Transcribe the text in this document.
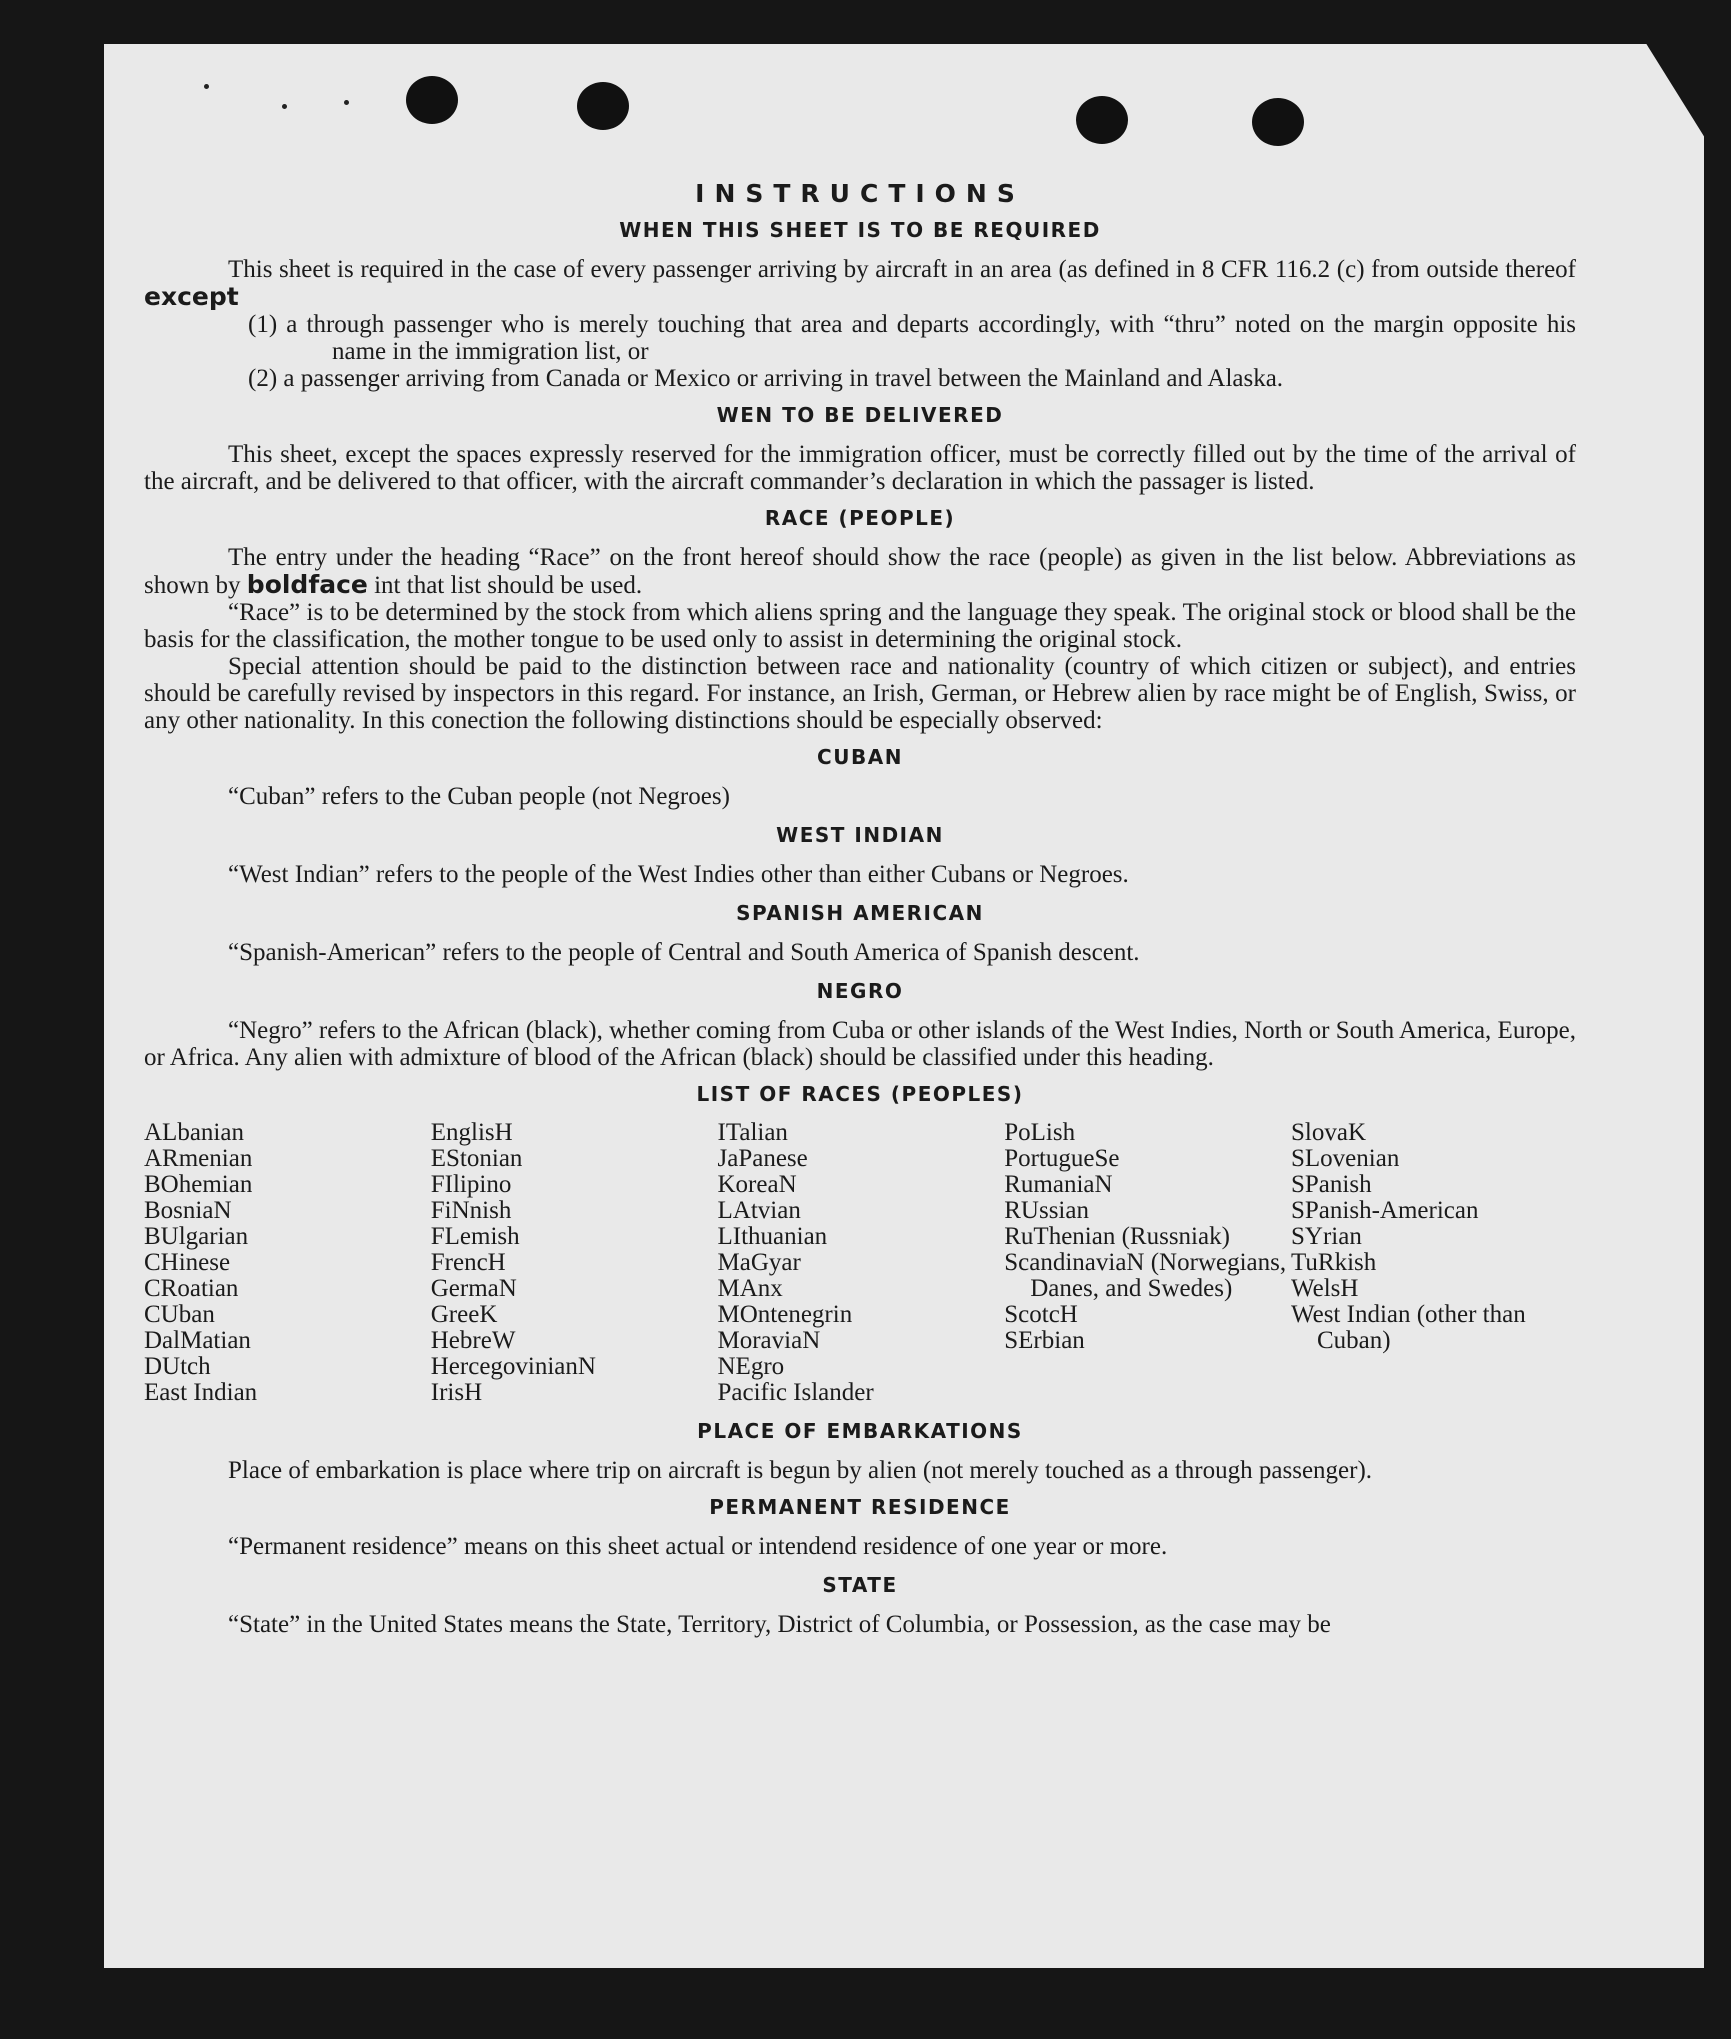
INSTRUCTIONS
WHEN THIS SHEET IS TO BE REQUIRED

This sheet is required in the case of every passenger arriving by aircraft in an area (as defined in 8 CFR 116.2 (c) from outside thereof except

(1) a through passenger who is merely touching that area and departs accordingly, with “thru” noted on the margin opposite his name in the immigration list, or

(2) a passenger arriving from Canada or Mexico or arriving in travel between the Mainland and Alaska.

WEN TO BE DELIVERED

This sheet, except the spaces expressly reserved for the immigration officer, must be correctly filled out by the time of the arrival of the aircraft, and be delivered to that officer, with the aircraft commander’s declaration in which the passager is listed.

RACE (PEOPLE)

The entry under the heading “Race” on the front hereof should show the race (people) as given in the list below. Abbreviations as shown by boldface int that list should be used.

“Race” is to be determined by the stock from which aliens spring and the language they speak. The original stock or blood shall be the basis for the classification, the mother tongue to be used only to assist in determining the original stock.

Special attention should be paid to the distinction between race and nationality (country of which citizen or subject), and entries should be carefully revised by inspectors in this regard. For instance, an Irish, German, or Hebrew alien by race might be of English, Swiss, or any other nationality. In this conection the following distinctions should be especially observed:

CUBAN

“Cuban” refers to the Cuban people (not Negroes)

WEST INDIAN

“West Indian” refers to the people of the West Indies other than either Cubans or Negroes.

SPANISH AMERICAN

“Spanish-American” refers to the people of Central and South America of Spanish descent.

NEGRO

“Negro” refers to the African (black), whether coming from Cuba or other islands of the West Indies, North or South America, Europe, or Africa. Any alien with admixture of blood of the African (black) should be classified under this heading.

LIST OF RACES (PEOPLES)
ALbanian
ARmenian
BOhemian
BosniaN
BUlgarian
CHinese
CRoatian
CUban
DalMatian
DUtch
East Indian
EnglisH
EStonian
FIlipino
FiNnish
FLemish
FrencH
GermaN
GreeK
HebreW
HercegovinianN
IrisH
ITalian
JaPanese
KoreaN
LAtvian
LIthuanian
MaGyar
MAnx
MOntenegrin
MoraviaN
NEgro
Pacific Islander
PoLish
PortugueSe
RumaniaN
RUssian
RuThenian (Russniak)
ScandinaviaN (Norwegians, Danes, and Swedes)
ScotcH
SErbian
SlovaK
SLovenian
SPanish
SPanish-American
SYrian
TuRkish
WelsH
West Indian (other than Cuban)
PLACE OF EMBARKATIONS

Place of embarkation is place where trip on aircraft is begun by alien (not merely touched as a through passenger).

PERMANENT RESIDENCE

“Permanent residence” means on this sheet actual or intendend residence of one year or more.

STATE

“State” in the United States means the State, Territory, District of Columbia, or Possession, as the case may be
